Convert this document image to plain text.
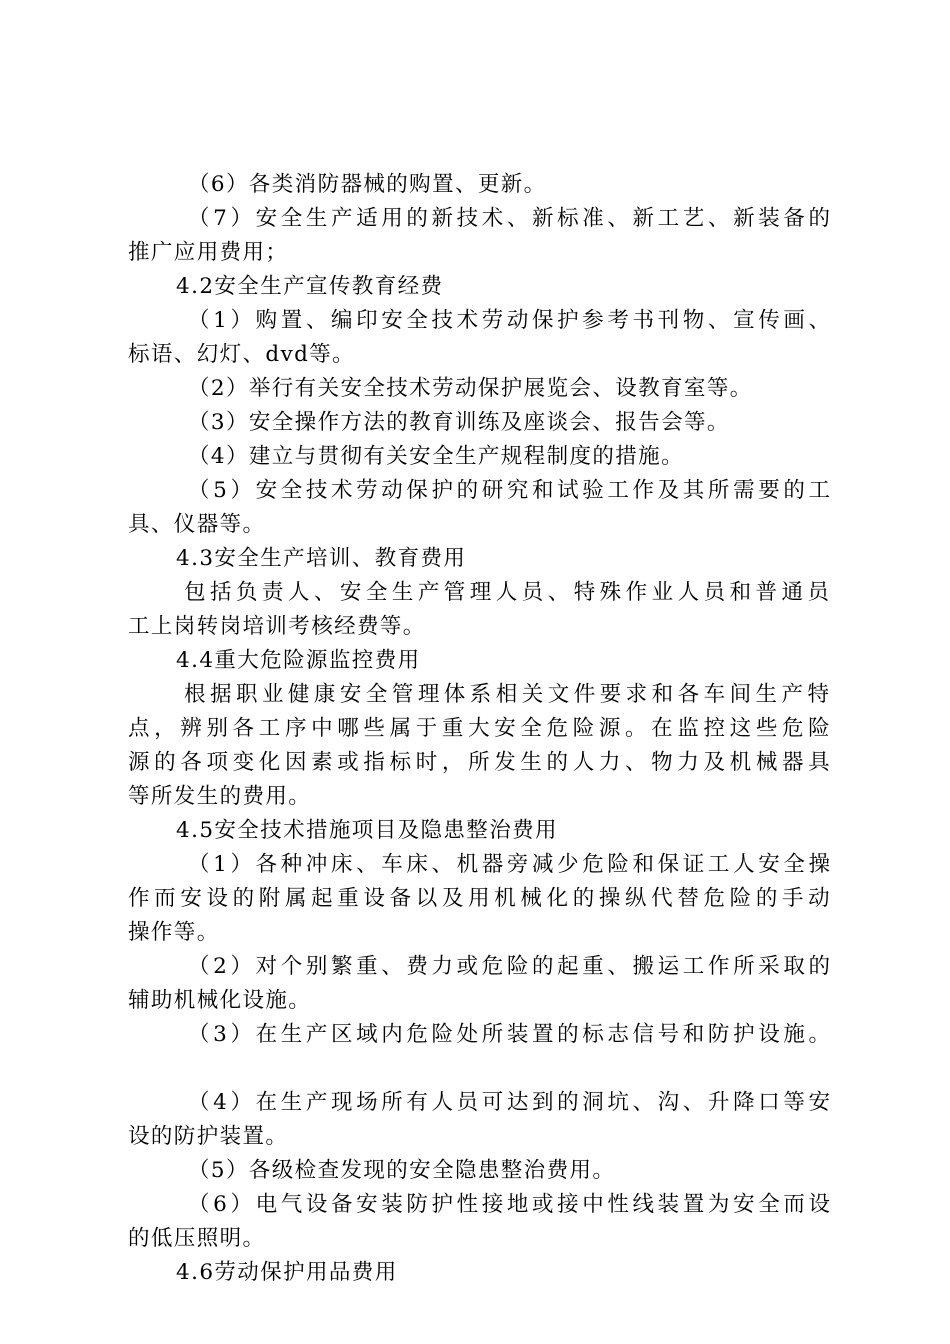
（6）各类消防器械的购置、更新。
（7）安全生产适用的新技术、新标准、新工艺、新装备的
推广应用费用；
4.2安全生产宣传教育经费
（1）购置、编印安全技术劳动保护参考书刊物、宣传画、
标语、幻灯、dvd等。
（2）举行有关安全技术劳动保护展览会、设教育室等。
（3）安全操作方法的教育训练及座谈会、报告会等。
（4）建立与贯彻有关安全生产规程制度的措施。
（5）安全技术劳动保护的研究和试验工作及其所需要的工
具、仪器等。
4.3安全生产培训、教育费用
包括负责人、安全生产管理人员、特殊作业人员和普通员
工上岗转岗培训考核经费等。
4.4重大危险源监控费用
根据职业健康安全管理体系相关文件要求和各车间生产特
点，辨别各工序中哪些属于重大安全危险源。在监控这些危险
源的各项变化因素或指标时，所发生的人力、物力及机械器具
等所发生的费用。
4.5安全技术措施项目及隐患整治费用
（1）各种冲床、车床、机器旁减少危险和保证工人安全操
作而安设的附属起重设备以及用机械化的操纵代替危险的手动
操作等。
（2）对个别繁重、费力或危险的起重、搬运工作所采取的
辅助机械化设施。
（3）在生产区域内危险处所装置的标志信号和防护设施。
（4）在生产现场所有人员可达到的洞坑、沟、升降口等安
设的防护装置。
（5）各级检查发现的安全隐患整治费用。
（6）电气设备安装防护性接地或接中性线装置为安全而设
的低压照明。
4.6劳动保护用品费用
